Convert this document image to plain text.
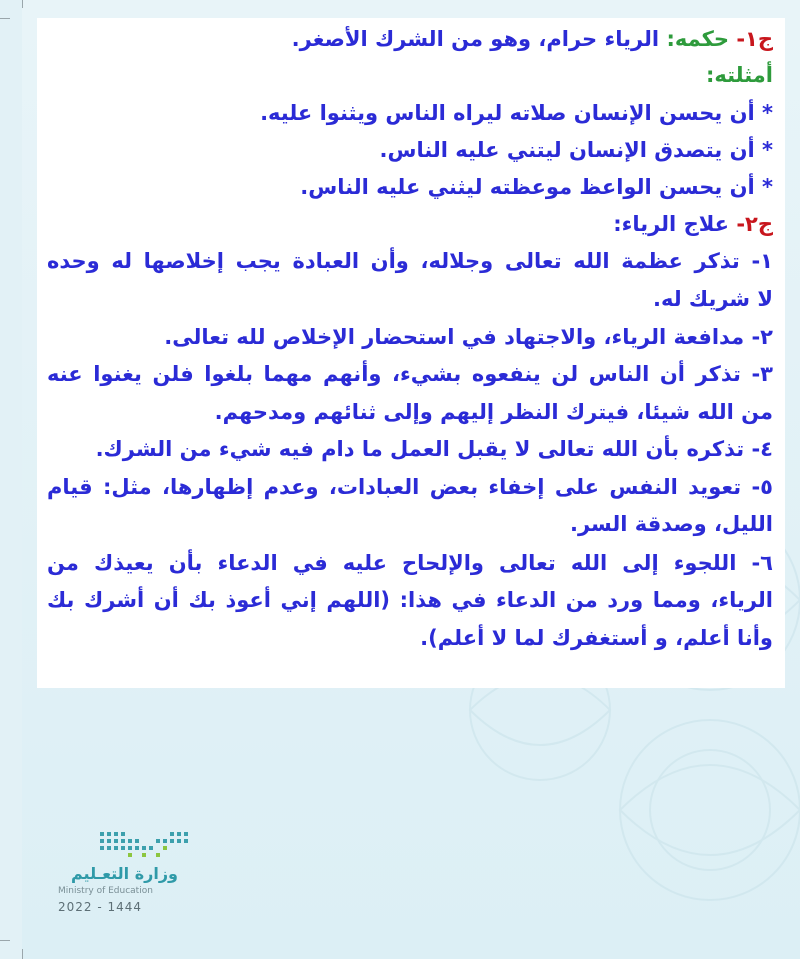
ج١- حكمه: الرياء حرام، وهو من الشرك الأصغر.
أمثلته:
* أن يحسن الإنسان صلاته ليراه الناس ويثنوا عليه.
* أن يتصدق الإنسان ليتني عليه الناس.
* أن يحسن الواعظ موعظته ليثني عليه الناس.
ج٢- علاج الرياء:
١- تذكر عظمة الله تعالى وجلاله، وأن العبادة يجب إخلاصها له وحده
لا شريك له.
٢- مدافعة الرياء، والاجتهاد في استحضار الإخلاص لله تعالى.
٣- تذكر أن الناس لن ينفعوه بشيء، وأنهم مهما بلغوا فلن يغنوا عنه
من الله شيئا، فيترك النظر إليهم وإلى ثنائهم ومدحهم.
٤- تذكره بأن الله تعالى لا يقبل العمل ما دام فيه شيء من الشرك.
٥- تعويد النفس على إخفاء بعض العبادات، وعدم إظهارها، مثل: قيام
الليل، وصدقة السر.
٦- اللجوء إلى الله تعالى والإلحاح عليه في الدعاء بأن يعيذك من
الرياء، ومما ورد من الدعاء في هذا: (اللهم إني أعوذ بك أن أشرك بك
وأنا أعلم، و أستغفرك لما لا أعلم).
وزارة التعـليم
Ministry of Education
2022 - 1444
